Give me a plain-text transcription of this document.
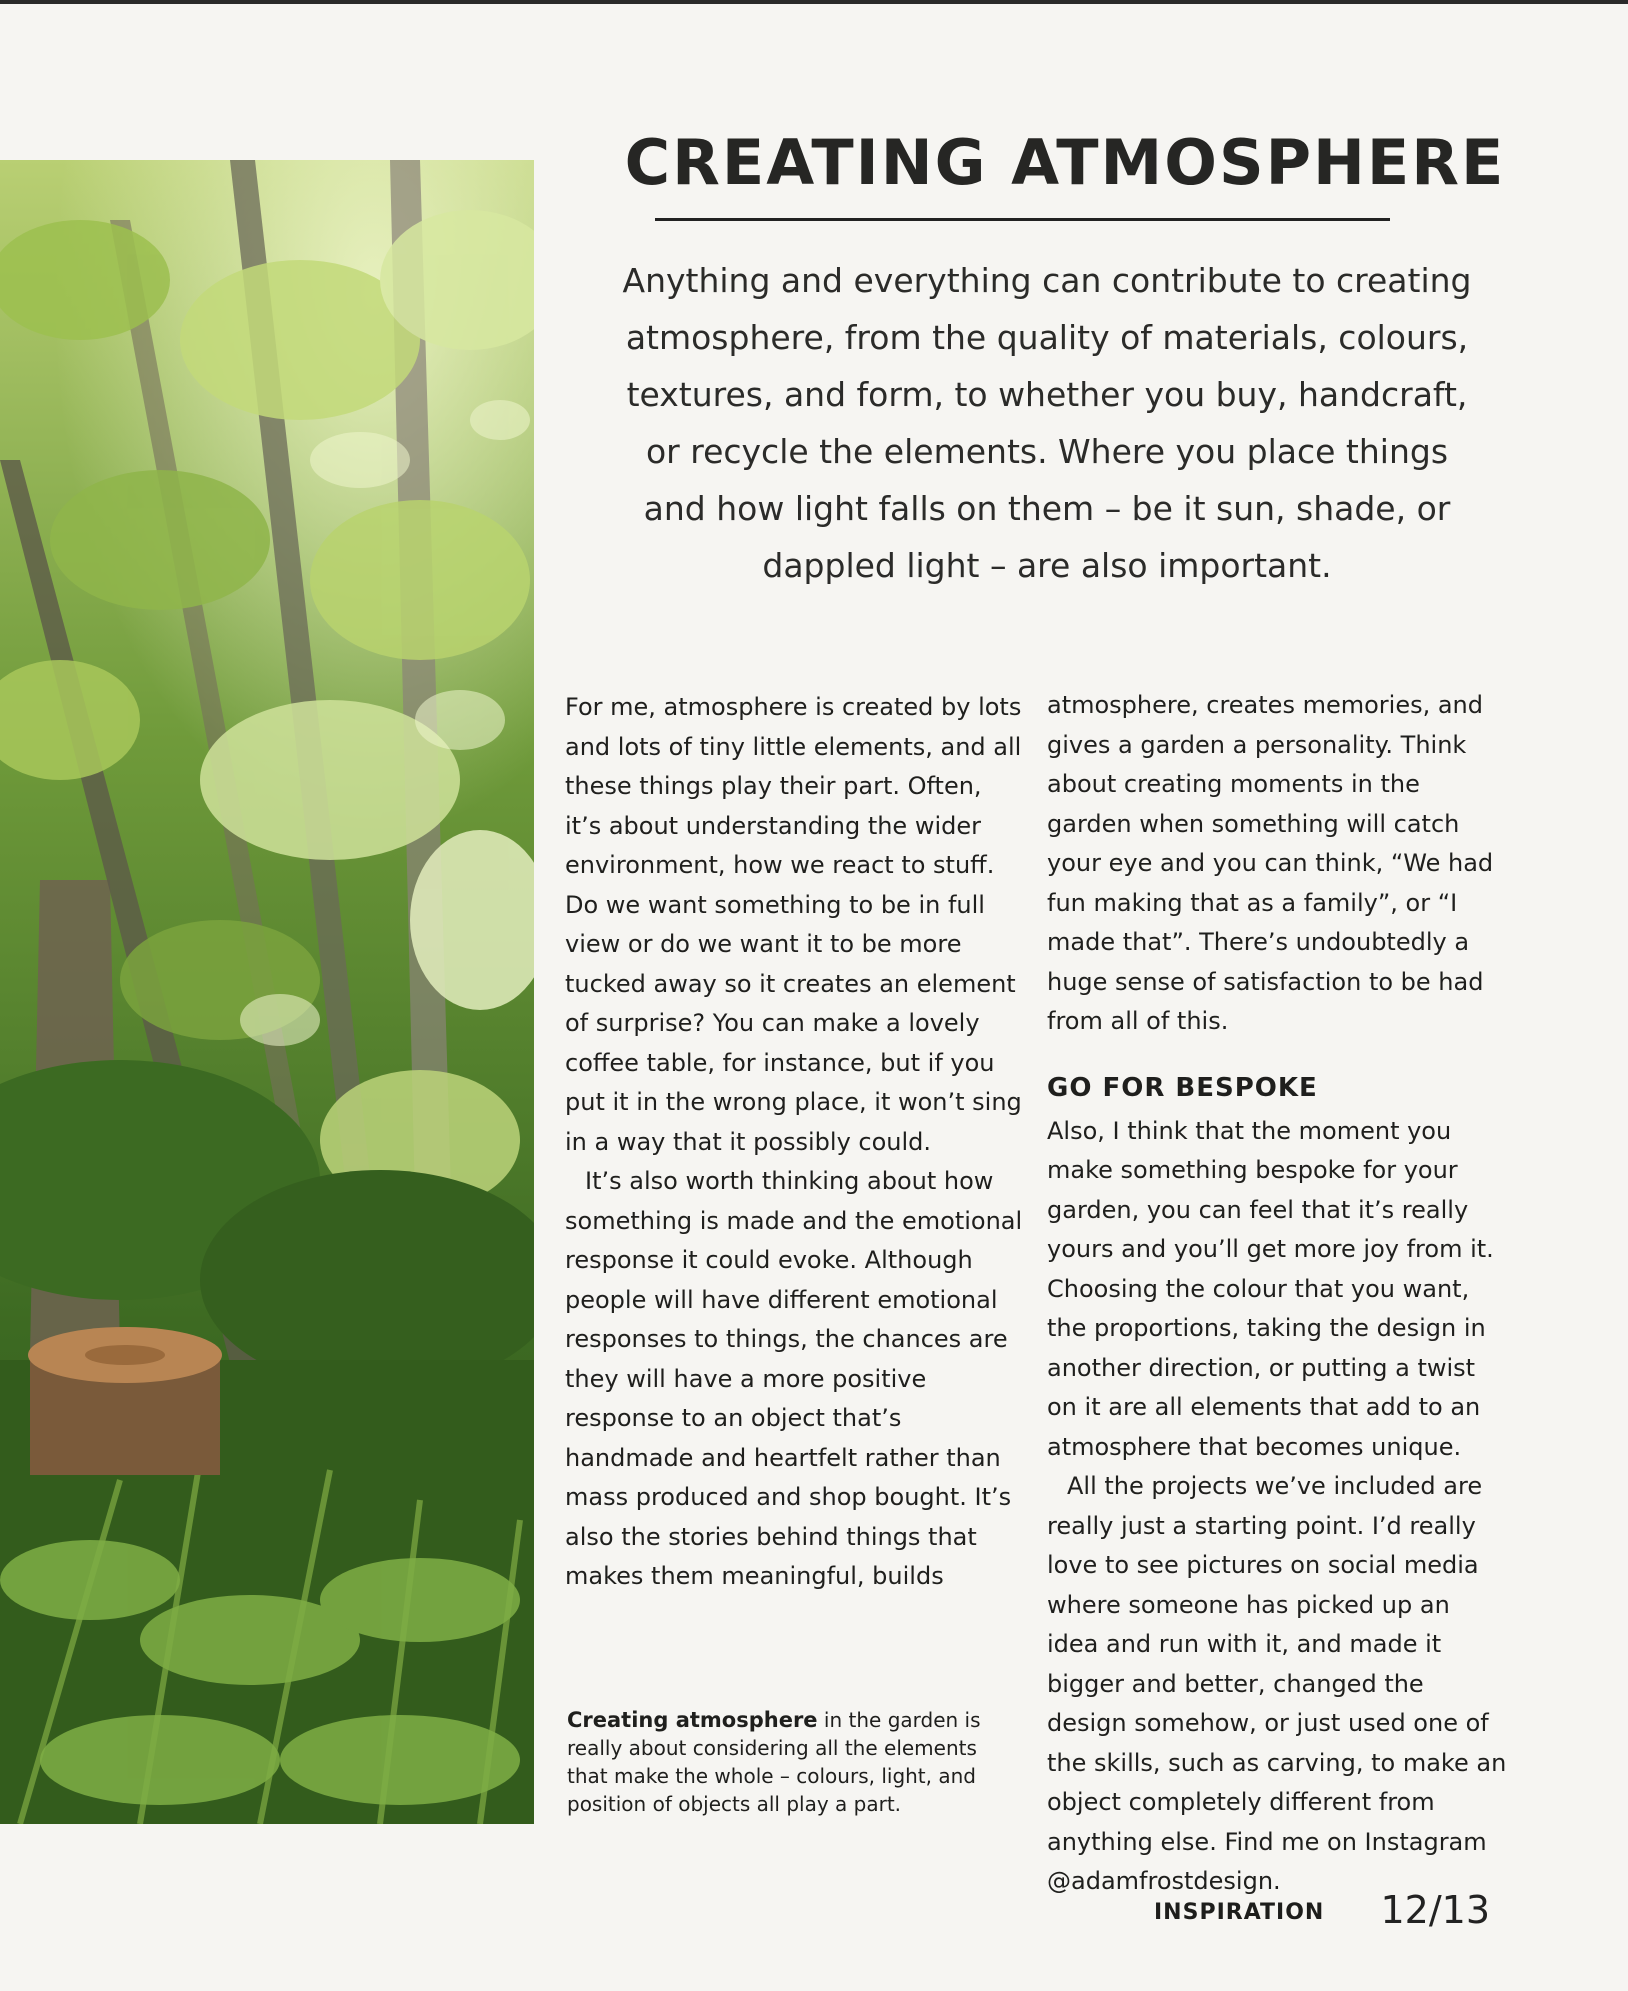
CREATING ATMOSPHERE

Anything and everything can contribute to creating atmosphere, from the quality of materials, colours, textures, and form, to whether you buy, handcraft, or recycle the elements. Where you place things and how light falls on them – be it sun, shade, or dappled light – are also important.

For me, atmosphere is created by lots and lots of tiny little elements, and all these things play their part. Often, it’s about understanding the wider environment, how we react to stuff. Do we want something to be in full view or do we want it to be more tucked away so it creates an element of surprise? You can make a lovely coffee table, for instance, but if you put it in the wrong place, it won’t sing in a way that it possibly could.

It’s also worth thinking about how something is made and the emotional response it could evoke. Although people will have different emotional responses to things, the chances are they will have a more positive response to an object that’s handmade and heartfelt rather than mass produced and shop bought. It’s also the stories behind things that makes them meaningful, builds

atmosphere, creates memories, and gives a garden a personality. Think about creating moments in the garden when something will catch your eye and you can think, “We had fun making that as a family”, or “I made that”. There’s undoubtedly a huge sense of satisfaction to be had from all of this.

GO FOR BESPOKE

Also, I think that the moment you make something bespoke for your garden, you can feel that it’s really yours and you’ll get more joy from it. Choosing the colour that you want, the proportions, taking the design in another direction, or putting a twist on it are all elements that add to an atmosphere that becomes unique.

All the projects we’ve included are really just a starting point. I’d really love to see pictures on social media where someone has picked up an idea and run with it, and made it bigger and better, changed the design somehow, or just used one of the skills, such as carving, to make an object completely different from anything else. Find me on Instagram @adamfrostdesign.

Creating atmosphere in the garden is really about considering all the elements that make the whole – colours, light, and position of objects all play a part.

INSPIRATION 12/13
